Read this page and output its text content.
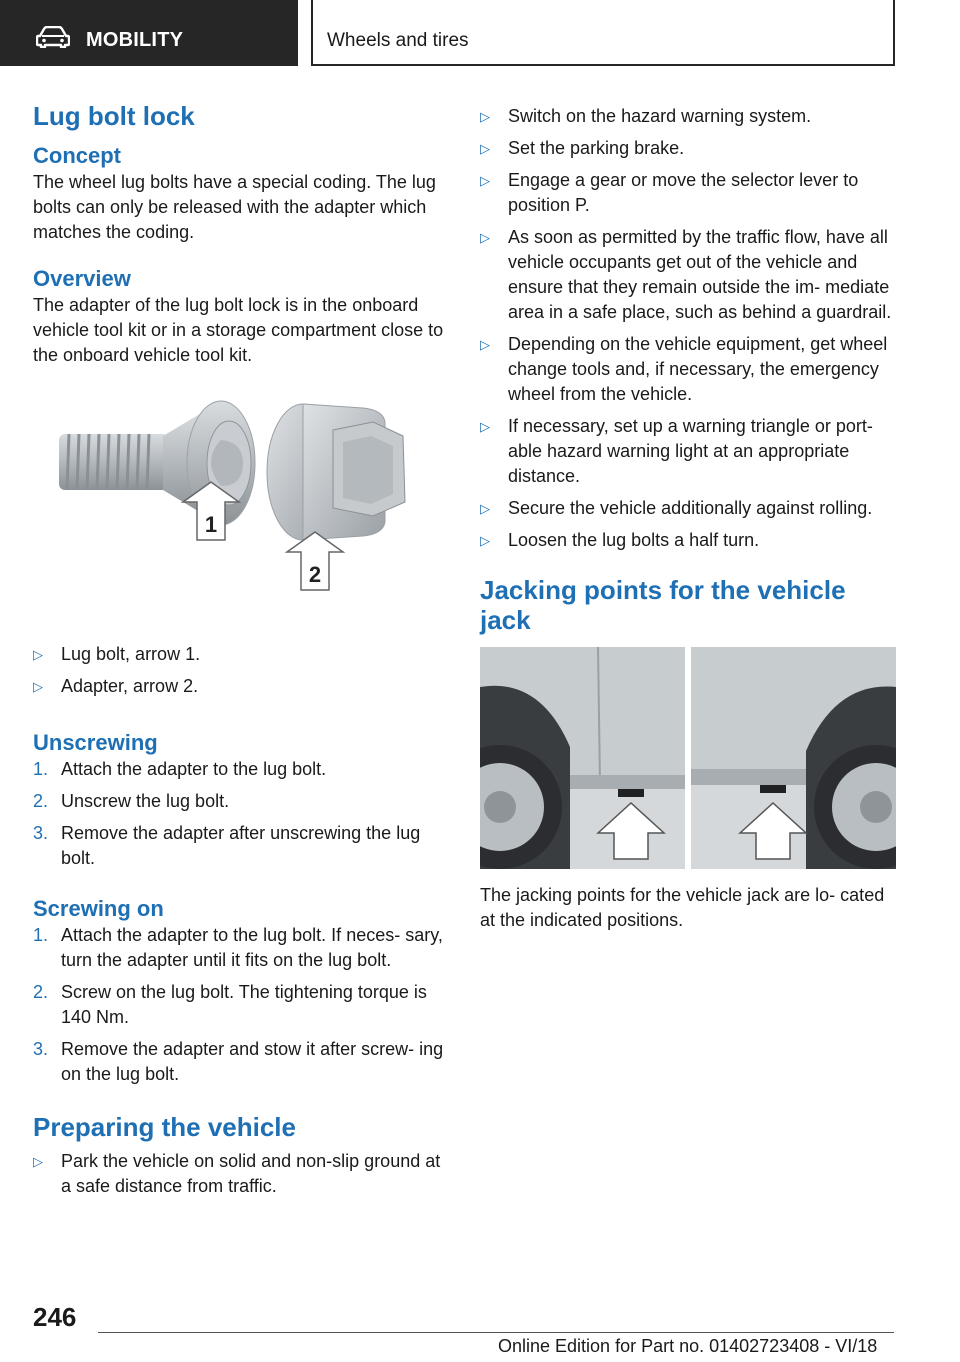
MOBILITY	Wheels and tires
Lug bolt lock
Concept

The wheel lug bolts have a special coding. The lug bolts can only be released with the adapter which matches the coding.

Overview

The adapter of the lug bolt lock is in the onboard vehicle tool kit or in a storage compartment close to the onboard vehicle tool kit.

1
2
▷ Lug bolt, arrow 1.
▷ Adapter, arrow 2.
Unscrewing
1. Attach the adapter to the lug bolt.
2. Unscrew the lug bolt.
3. Remove the adapter after unscrewing the lug bolt.
Screwing on
1. Attach the adapter to the lug bolt. If neces‐ sary, turn the adapter until it fits on the lug bolt.
2. Screw on the lug bolt. The tightening torque is 140 Nm.
3. Remove the adapter and stow it after screw‐ ing on the lug bolt.
Preparing the vehicle
▷ Park the vehicle on solid and non-slip ground at a safe distance from traffic.
▷ Switch on the hazard warning system.
▷ Set the parking brake.
▷ Engage a gear or move the selector lever to position P.
▷ As soon as permitted by the traffic flow, have all vehicle occupants get out of the vehicle and ensure that they remain outside the im‐ mediate area in a safe place, such as behind a guardrail.
▷ Depending on the vehicle equipment, get wheel change tools and, if necessary, the emergency wheel from the vehicle.
▷ If necessary, set up a warning triangle or port‐ able hazard warning light at an appropriate distance.
▷ Secure the vehicle additionally against rolling.
▷ Loosen the lug bolts a half turn.
Jacking points for the vehicle jack

The jacking points for the vehicle jack are lo‐ cated at the indicated positions.

246
Online Edition for Part no. 01402723408 - VI/18
